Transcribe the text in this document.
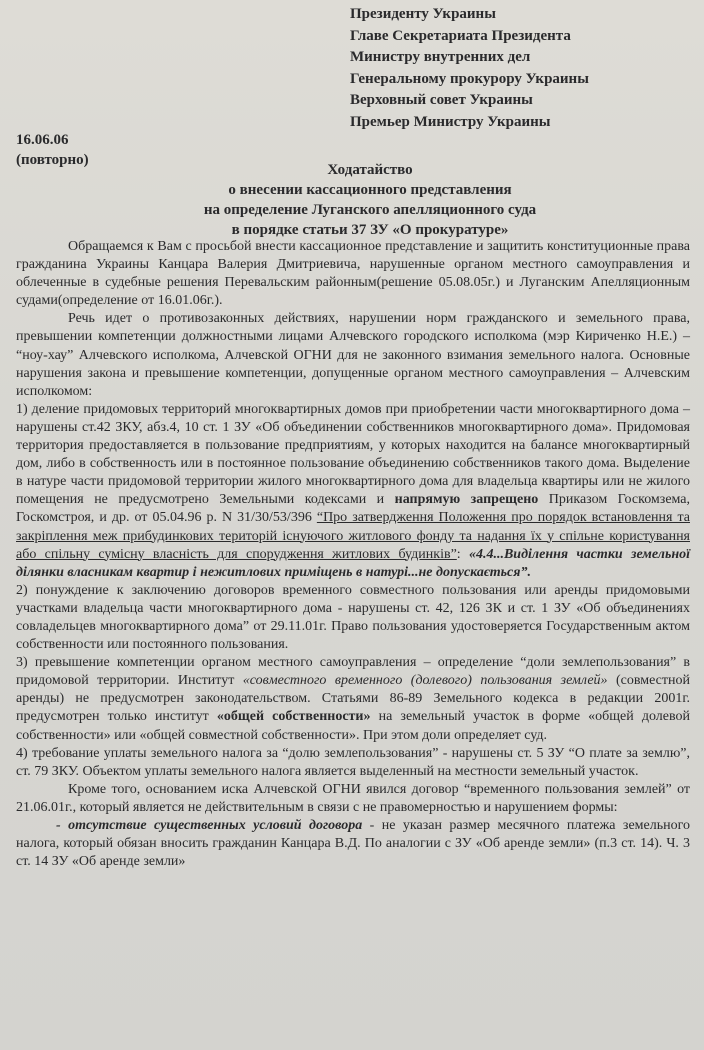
Президенту Украины
Главе Секретариата Президента
Министру внутренних дел
Генеральному прокурору Украины
Верховный совет Украины
Премьер Министру Украины
16.06.06
(повторно)
Ходатайство
о внесении кассационного представления
на определение Луганского апелляционного суда
в порядке статьи 37 ЗУ «О прокуратуре»

Обращаемся к Вам с просьбой внести кассационное представление и защитить конституционные права гражданина Украины Канцара Валерия Дмитриевича, нарушенные органом местного самоуправления и облеченные в судебные решения Перевальским районным(решение 05.08.05г.) и Луганским Апелляционным судами(определение от 16.01.06г.).

Речь идет о противозаконных действиях, нарушении норм гражданского и земельного права, превышении компетенции должностными лицами Алчевского городского исполкома (мэр Кириченко Н.Е.) – “ноу-хау” Алчевского исполкома, Алчевской ОГНИ для не законного взимания земельного налога. Основные нарушения закона и превышение компетенции, допущенные органом местного самоуправления – Алчевским исполкомом:

1) деление придомовых территорий многоквартирных домов при приобретении части многоквартирного дома – нарушены ст.42 ЗКУ, абз.4, 10 ст. 1 ЗУ «Об объединении собственников многоквартирного дома». Придомовая территория предоставляется в пользование предприятиям, у которых находится на балансе многоквартирный дом, либо в собственность или в постоянное пользование объединению собственников такого дома. Выделение в натуре части придомовой территории жилого многоквартирного дома для владельца квартиры или не жилого помещения не предусмотрено Земельными кодексами и напрямую запрещено Приказом Госкомзема, Госкомстроя, и др. от 05.04.96 р. N 31/30/53/396 “Про затвердження Положення про порядок встановлення та закріплення меж прибудинкових територій існуючого житлового фонду та надання їх у спільне користування або спільну сумісну власність для спорудження житлових будинків”: «4.4...Виділення частки земельної ділянки власникам квартир і нежитлових приміщень в натурі...не допускається”.

2) понуждение к заключению договоров временного совместного пользования или аренды придомовыми участками владельца части многоквартирного дома - нарушены ст. 42, 126 ЗК и ст. 1 ЗУ «Об объединениях совладельцев многоквартирного дома” от 29.11.01г. Право пользования удостоверяется Государственным актом собственности или постоянного пользования.

3) превышение компетенции органом местного самоуправления – определение “доли землепользования” в придомовой территории. Институт «совместного временного (долевого) пользования землей» (совместной аренды) не предусмотрен законодательством. Статьями 86-89 Земельного кодекса в редакции 2001г. предусмотрен только институт «общей собственности» на земельный участок в форме «общей долевой собственности» или «общей совместной собственности». При этом доли определяет суд.

4) требование уплаты земельного налога за “долю землепользования” - нарушены ст. 5 ЗУ “О плате за землю”, ст. 79 ЗКУ. Объектом уплаты земельного налога является выделенный на местности земельный участок.

Кроме того, основанием иска Алчевской ОГНИ явился договор “временного пользования землей” от 21.06.01г., который является не действительным в связи с не правомерностью и нарушением формы:

- отсутствие существенных условий договора - не указан размер месячного платежа земельного налога, который обязан вносить гражданин Канцара В.Д. По аналогии с ЗУ «Об аренде земли» (п.3 ст. 14). Ч. 3 ст. 14 ЗУ «Об аренде земли»
